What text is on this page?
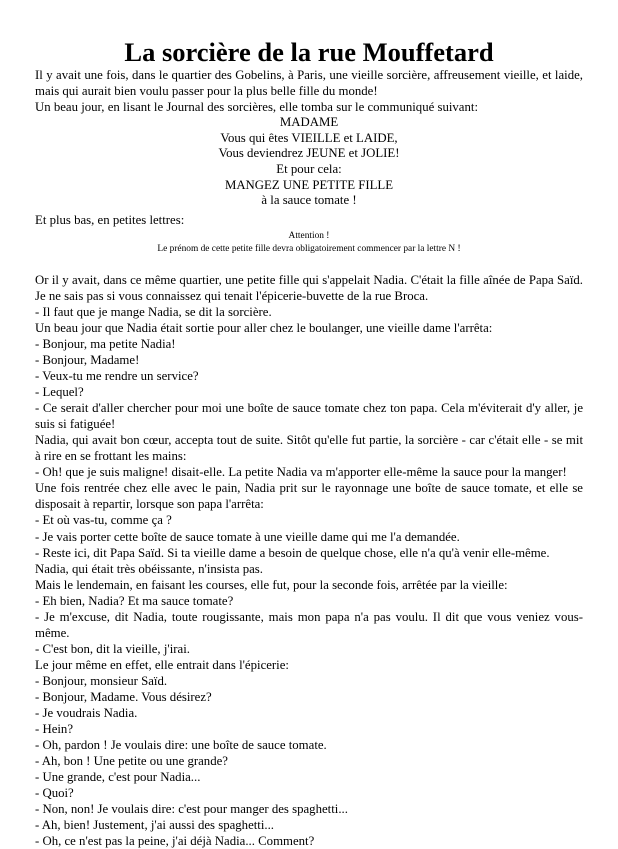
La sorcière de la rue Mouffetard

Il y avait une fois, dans le quartier des Gobelins, à Paris, une vieille sorcière, affreusement vieille, et laide, mais qui aurait bien voulu passer pour la plus belle fille du monde!

Un beau jour, en lisant le Journal des sorcières, elle tomba sur le communiqué suivant:

MADAME

Vous qui êtes VIEILLE et LAIDE,

Vous deviendrez JEUNE et JOLIE!

Et pour cela:

MANGEZ UNE PETITE FILLE

à la sauce tomate !

Et plus bas, en petites lettres:

Attention !

Le prénom de cette petite fille devra obligatoirement commencer par la lettre N !

Or il y avait, dans ce même quartier, une petite fille qui s'appelait Nadia. C'était la fille aînée de Papa Saïd. Je ne sais pas si vous connaissez qui tenait l'épicerie-buvette de la rue Broca.

- Il faut que je mange Nadia, se dit la sorcière.

Un beau jour que Nadia était sortie pour aller chez le boulanger, une vieille dame l'arrêta:

- Bonjour, ma petite Nadia!

- Bonjour, Madame!

- Veux-tu me rendre un service?

- Lequel?

- Ce serait d'aller chercher pour moi une boîte de sauce tomate chez ton papa. Cela m'éviterait d'y aller, je suis si fatiguée!

Nadia, qui avait bon cœur, accepta tout de suite. Sitôt qu'elle fut partie, la sorcière - car c'était elle - se mit à rire en se frottant les mains:

- Oh! que je suis maligne! disait-elle. La petite Nadia va m'apporter elle-même la sauce pour la manger!

Une fois rentrée chez elle avec le pain, Nadia prit sur le rayonnage une boîte de sauce tomate, et elle se disposait à repartir, lorsque son papa l'arrêta:

- Et où vas-tu, comme ça ?

- Je vais porter cette boîte de sauce tomate à une vieille dame qui me l'a demandée.

- Reste ici, dit Papa Saïd. Si ta vieille dame a besoin de quelque chose, elle n'a qu'à venir elle-même.

Nadia, qui était très obéissante, n'insista pas.

Mais le lendemain, en faisant les courses, elle fut, pour la seconde fois, arrêtée par la vieille:

- Eh bien, Nadia? Et ma sauce tomate?

- Je m'excuse, dit Nadia, toute rougissante, mais mon papa n'a pas voulu. Il dit que vous veniez vous-même.

- C'est bon, dit la vieille, j'irai.

Le jour même en effet, elle entrait dans l'épicerie:

- Bonjour, monsieur Saïd.

- Bonjour, Madame. Vous désirez?

- Je voudrais Nadia.

- Hein?

- Oh, pardon ! Je voulais dire: une boîte de sauce tomate.

- Ah, bon ! Une petite ou une grande?

- Une grande, c'est pour Nadia...

- Quoi?

- Non, non! Je voulais dire: c'est pour manger des spaghetti...

- Ah, bien! Justement, j'ai aussi des spaghetti...

- Oh, ce n'est pas la peine, j'ai déjà Nadia... Comment?
